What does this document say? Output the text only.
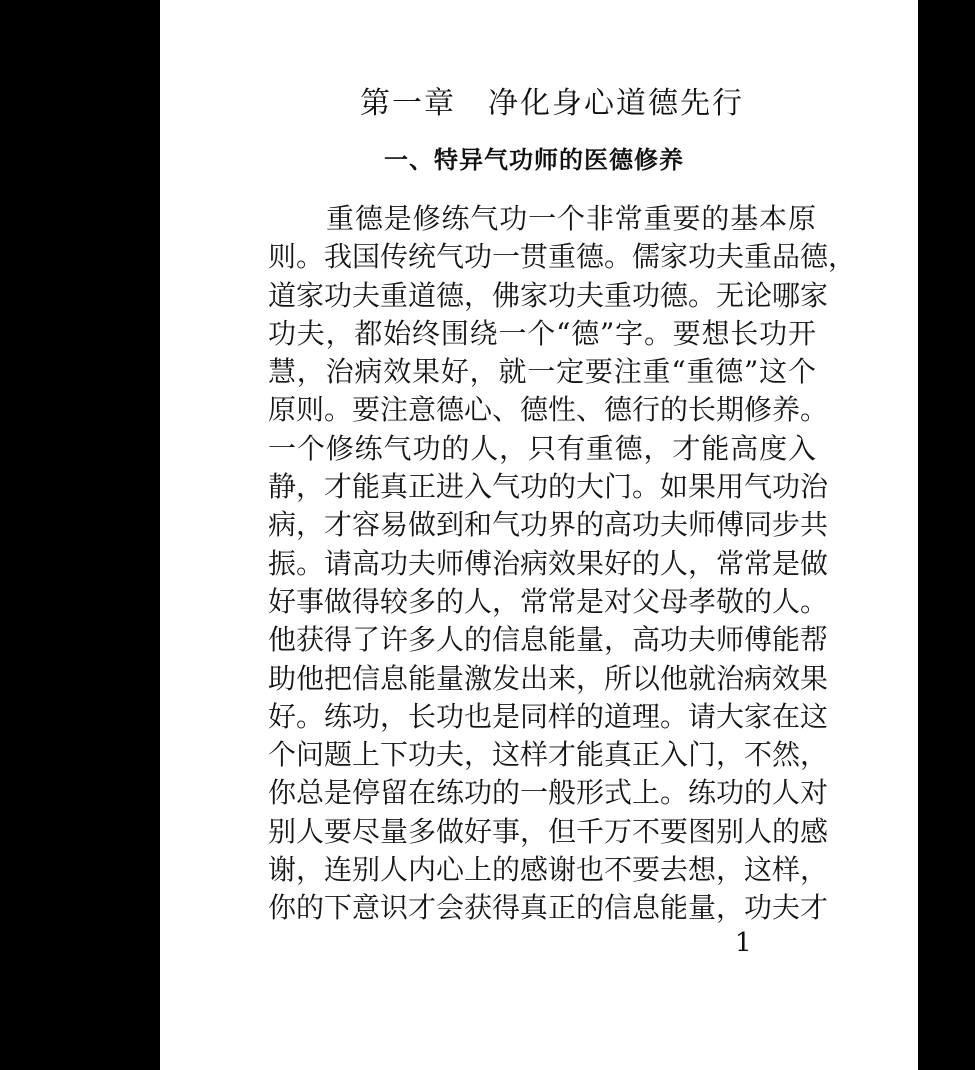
第一章　净化身心道德先行
一、特异气功师的医德修养
重德是修练气功一个非常重要的基本原
则。我国传统气功一贯重德。儒家功夫重品德，
道家功夫重道德，佛家功夫重功德。无论哪家
功夫，都始终围绕一个“德”字。要想长功开
慧，治病效果好，就一定要注重“重德”这个
原则。要注意德心、德性、德行的长期修养。
一个修练气功的人，只有重德，才能高度入
静，才能真正进入气功的大门。如果用气功治
病，才容易做到和气功界的高功夫师傅同步共
振。请高功夫师傅治病效果好的人，常常是做
好事做得较多的人，常常是对父母孝敬的人。
他获得了许多人的信息能量，高功夫师傅能帮
助他把信息能量激发出来，所以他就治病效果
好。练功，长功也是同样的道理。请大家在这
个问题上下功夫，这样才能真正入门，不然，
你总是停留在练功的一般形式上。练功的人对
别人要尽量多做好事，但千万不要图别人的感
谢，连别人内心上的感谢也不要去想，这样，
你的下意识才会获得真正的信息能量，功夫才
1
